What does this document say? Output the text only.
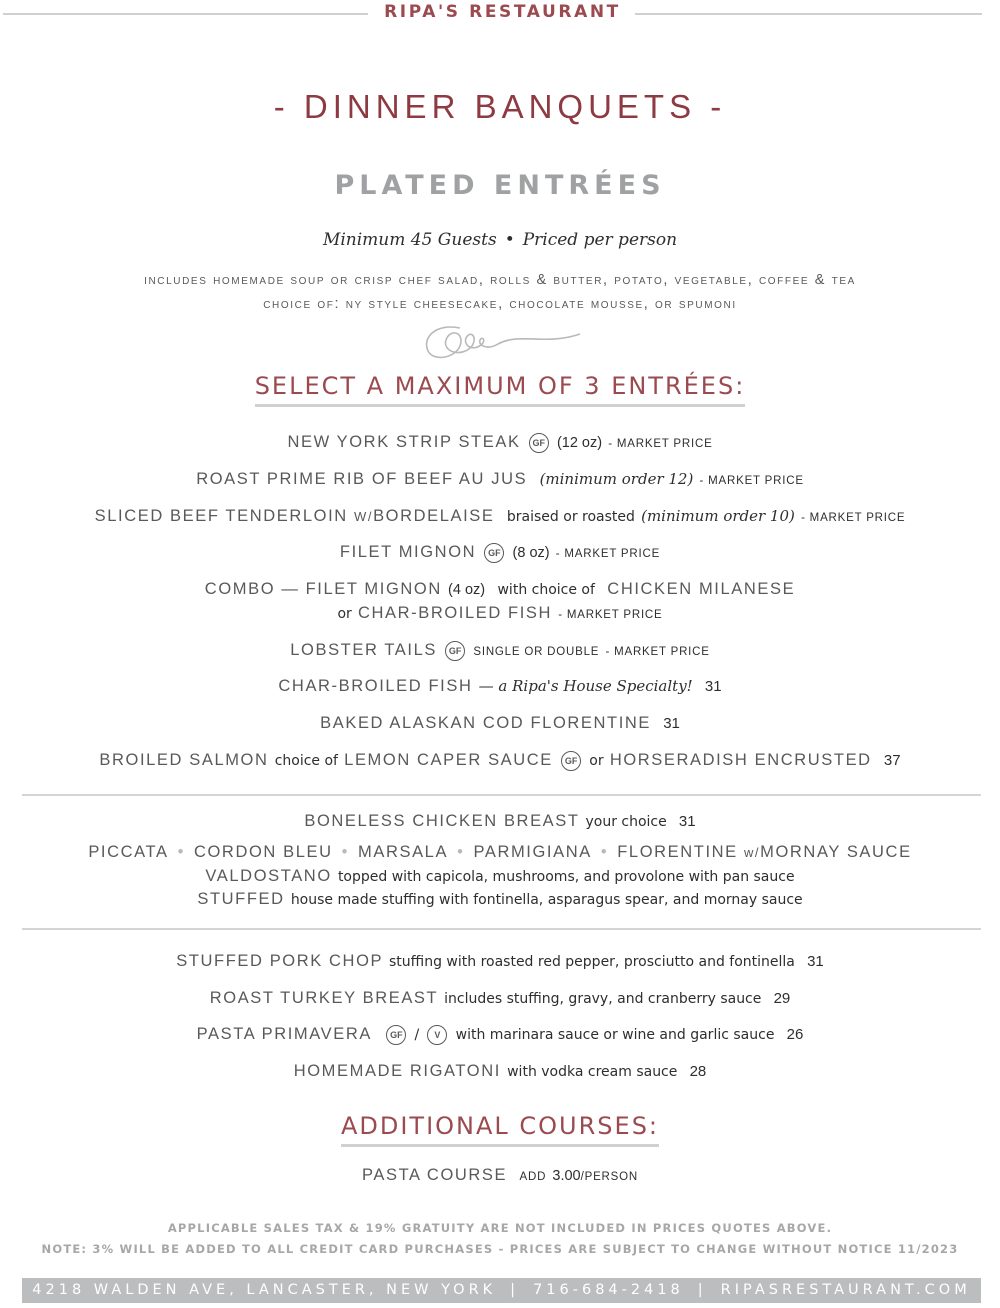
RIPA'S RESTAURANT
- DINNER BANQUETS -
PLATED ENTRÉES
Minimum 45 Guests • Priced per person
includes homemade soup or crisp chef salad, rolls & butter, potato, vegetable, coffee & tea
choice of: ny style cheesecake, chocolate mousse, or spumoni
SELECT A MAXIMUM OF 3 ENTRÉES:
NEW YORK STRIP STEAK GF (12 oz) - MARKET PRICE
ROAST PRIME RIB OF BEEF AU JUS (minimum order 12) - MARKET PRICE
SLICED BEEF TENDERLOIN W/BORDELAISE braised or roasted (minimum order 10) - MARKET PRICE
FILET MIGNON GF (8 oz) - MARKET PRICE
COMBO — FILET MIGNON (4 oz) with choice of CHICKEN MILANESE
or CHAR-BROILED FISH - MARKET PRICE
LOBSTER TAILS GF SINGLE OR DOUBLE - MARKET PRICE
CHAR-BROILED FISH — a Ripa's House Specialty! 31
BAKED ALASKAN COD FLORENTINE 31
BROILED SALMON choice of LEMON CAPER SAUCE GF or HORSERADISH ENCRUSTED 37
BONELESS CHICKEN BREAST your choice 31
PICCATA • CORDON BLEU • MARSALA • PARMIGIANA • FLORENTINE w/MORNAY SAUCE
VALDOSTANO topped with capicola, mushrooms, and provolone with pan sauce
STUFFED house made stuffing with fontinella, asparagus spear, and mornay sauce
STUFFED PORK CHOP stuffing with roasted red pepper, prosciutto and fontinella 31
ROAST TURKEY BREAST includes stuffing, gravy, and cranberry sauce 29
PASTA PRIMAVERA GF / V with marinara sauce or wine and garlic sauce 26
HOMEMADE RIGATONI with vodka cream sauce 28
ADDITIONAL COURSES:
PASTA COURSE ADD 3.00/PERSON
APPLICABLE SALES TAX & 19% GRATUITY ARE NOT INCLUDED IN PRICES QUOTES ABOVE.
NOTE: 3% WILL BE ADDED TO ALL CREDIT CARD PURCHASES - PRICES ARE SUBJECT TO CHANGE WITHOUT NOTICE 11/2023
4218 WALDEN AVE, LANCASTER, NEW YORK | 716-684-2418 | RIPASRESTAURANT.COM
